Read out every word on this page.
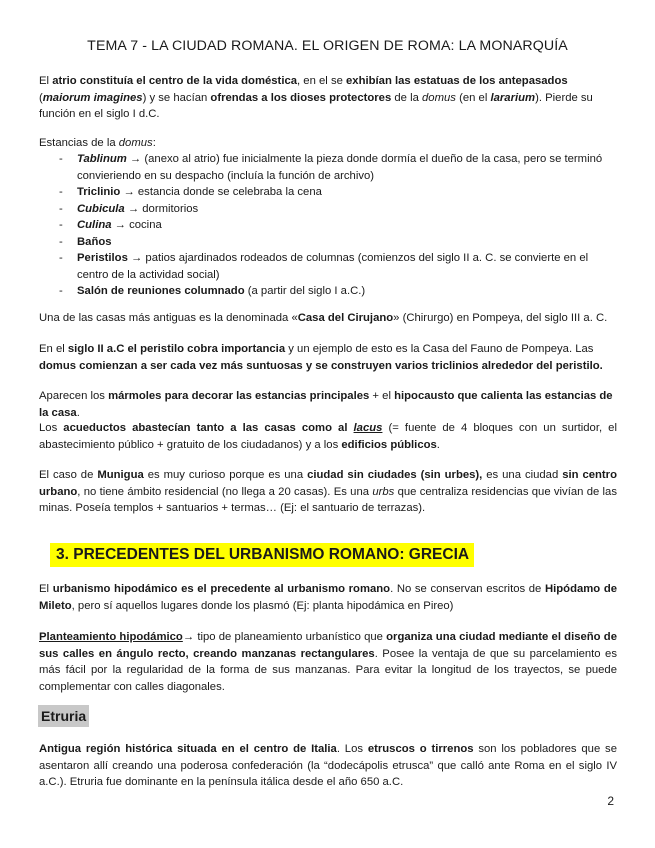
TEMA 7 - LA CIUDAD ROMANA. EL ORIGEN DE ROMA: LA MONARQUÍA

El atrio constituía el centro de la vida doméstica, en el se exhibían las estatuas de los antepasados (maiorum imagines) y se hacían ofrendas a los dioses protectores de la domus (en el lararium). Pierde su función en el siglo I d.C.

Estancias de la domus:

- Tablinum → (anexo al atrio) fue inicialmente la pieza donde dormía el dueño de la casa, pero se terminó convieriendo en su despacho (incluía la función de archivo)
- Triclinio → estancia donde se celebraba la cena
- Cubicula → dormitorios
- Culina → cocina
- Baños
- Peristilos → patios ajardinados rodeados de columnas (comienzos del siglo II a. C. se convierte en el centro de la actividad social)
- Salón de reuniones columnado (a partir del siglo I a.C.)

Una de las casas más antiguas es la denominada «Casa del Cirujano» (Chirurgo) en Pompeya, del siglo III a. C.

En el siglo II a.C el peristilo cobra importancia y un ejemplo de esto es la Casa del Fauno de Pompeya. Las domus comienzan a ser cada vez más suntuosas y se construyen varios triclinios alrededor del peristilo.

Aparecen los mármoles para decorar las estancias principales + el hipocausto que calienta las estancias de la casa.

Los acueductos abastecían tanto a las casas como al lacus (= fuente de 4 bloques con un surtidor, el abastecimiento público + gratuito de los ciudadanos) y a los edificios públicos.

El caso de Munigua es muy curioso porque es una ciudad sin ciudades (sin urbes), es una ciudad sin centro urbano, no tiene ámbito residencial (no llega a 20 casas). Es una urbs que centraliza residencias que vivían de las minas. Poseía templos + santuarios + termas… (Ej: el santuario de terrazas).

3. PRECEDENTES DEL URBANISMO ROMANO: GRECIA

El urbanismo hipodámico es el precedente al urbanismo romano. No se conservan escritos de Hipódamo de Mileto, pero sí aquellos lugares donde los plasmó (Ej: planta hipodámica en Pireo)

Planteamiento hipodámico→ tipo de planeamiento urbanístico que organiza una ciudad mediante el diseño de sus calles en ángulo recto, creando manzanas rectangulares. Posee la ventaja de que su parcelamiento es más fácil por la regularidad de la forma de sus manzanas. Para evitar la longitud de los trayectos, se puede complementar con calles diagonales.

Etruria

Antigua región histórica situada en el centro de Italia. Los etruscos o tirrenos son los pobladores que se asentaron allí creando una poderosa confederación (la “dodecápolis etrusca” que calló ante Roma en el siglo IV a.C.). Etruria fue dominante en la península itálica desde el año 650 a.C.

2
